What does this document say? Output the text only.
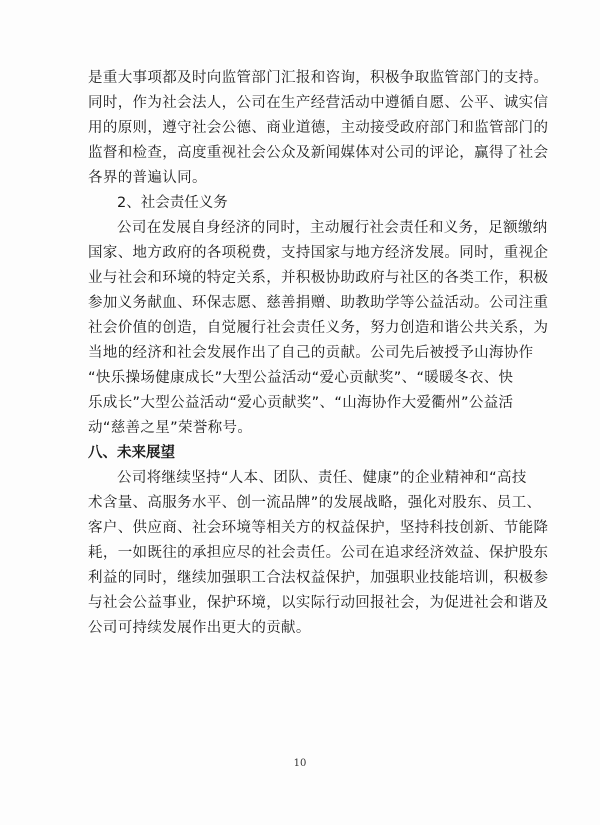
是重大事项都及时向监管部门汇报和咨询，积极争取监管部门的支持。
同时，作为社会法人，公司在生产经营活动中遵循自愿、公平、诚实信
用的原则，遵守社会公德、商业道德，主动接受政府部门和监管部门的
监督和检查，高度重视社会公众及新闻媒体对公司的评论，赢得了社会
各界的普遍认同。

2、社会责任义务

公司在发展自身经济的同时，主动履行社会责任和义务，足额缴纳
国家、地方政府的各项税费，支持国家与地方经济发展。同时，重视企
业与社会和环境的特定关系，并积极协助政府与社区的各类工作，积极
参加义务献血、环保志愿、慈善捐赠、助教助学等公益活动。公司注重
社会价值的创造，自觉履行社会责任义务，努力创造和谐公共关系，为
当地的经济和社会发展作出了自己的贡献。公司先后被授予山海协作
“快乐操场健康成长”大型公益活动“爱心贡献奖”、“暖暖冬衣、快
乐成长”大型公益活动“爱心贡献奖”、“山海协作大爱衢州”公益活
动“慈善之星”荣誉称号。

八、未来展望

公司将继续坚持“人本、团队、责任、健康”的企业精神和“高技
术含量、高服务水平、创一流品牌”的发展战略，强化对股东、员工、
客户、供应商、社会环境等相关方的权益保护，坚持科技创新、节能降
耗，一如既往的承担应尽的社会责任。公司在追求经济效益、保护股东
利益的同时，继续加强职工合法权益保护，加强职业技能培训，积极参
与社会公益事业，保护环境，以实际行动回报社会，为促进社会和谐及
公司可持续发展作出更大的贡献。

10
